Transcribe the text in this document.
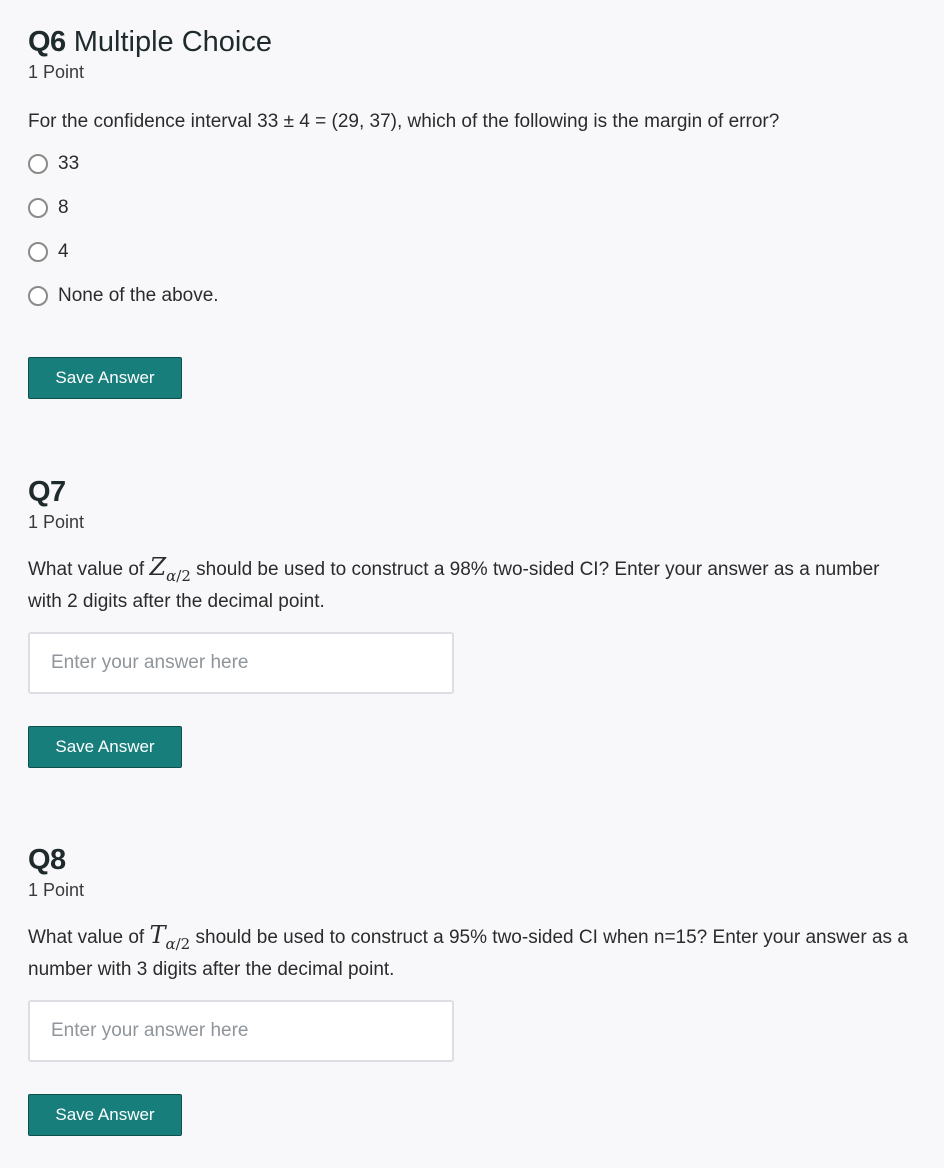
Q6 Multiple Choice
1 Point
For the confidence interval 33 ± 4 = (29, 37), which of the following is the margin of error?
33
8
4
None of the above.
Save Answer
Q7
1 Point
What value of $Z_{\alpha/2}$ should be used to construct a 98% two-sided CI? Enter your answer as a number with 2 digits after the decimal point.
Enter your answer here
Save Answer
Q8
1 Point
What value of $T_{\alpha/2}$ should be used to construct a 95% two-sided CI when n=15? Enter your answer as a number with 3 digits after the decimal point.
Enter your answer here
Save Answer
